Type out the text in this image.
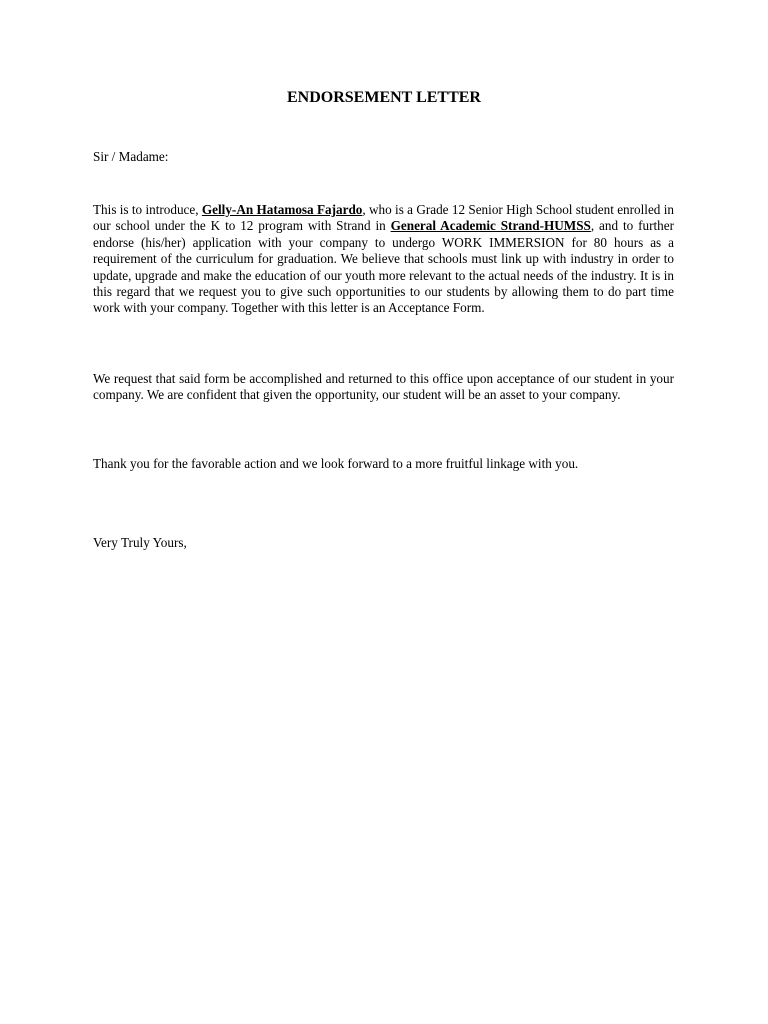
ENDORSEMENT LETTER

Sir / Madame:

This is to introduce, Gelly-An Hatamosa Fajardo, who is a Grade 12 Senior High School student enrolled in our school under the K to 12 program with Strand in General Academic Strand-HUMSS, and to further endorse (his/her) application with your company to undergo WORK IMMERSION for 80 hours as a requirement of the curriculum for graduation. We believe that schools must link up with industry in order to update, upgrade and make the education of our youth more relevant to the actual needs of the industry. It is in this regard that we request you to give such opportunities to our students by allowing them to do part time work with your company. Together with this letter is an Acceptance Form.

We request that said form be accomplished and returned to this office upon acceptance of our student in your company. We are confident that given the opportunity, our student will be an asset to your company.

Thank you for the favorable action and we look forward to a more fruitful linkage with you.

Very Truly Yours,
